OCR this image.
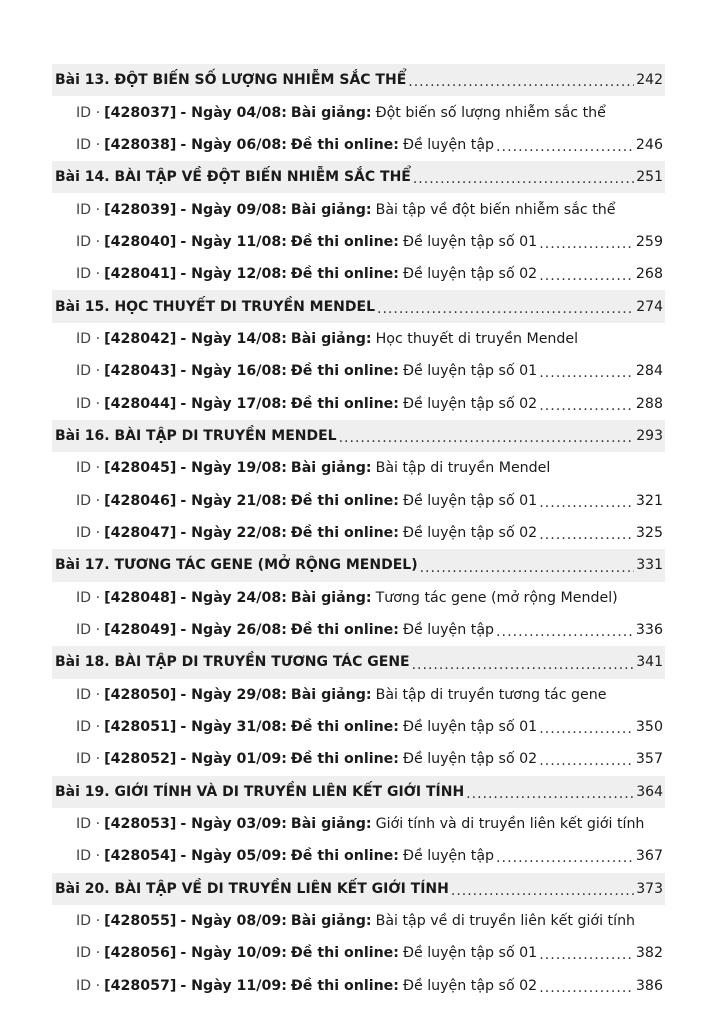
Bài 13. ĐỘT BIẾN SỐ LƯỢNG NHIỄM SẮC THỂ .....	242
ID · [428037] - Ngày 04/08: Bài giảng: Đột biến số lượng nhiễm sắc thể
ID · [428038] - Ngày 06/08: Đề thi online: Đề luyện tập .....	246
Bài 14. BÀI TẬP VỀ ĐỘT BIẾN NHIỄM SẮC THỂ .....	251
ID · [428039] - Ngày 09/08: Bài giảng: Bài tập về đột biến nhiễm sắc thể
ID · [428040] - Ngày 11/08: Đề thi online: Đề luyện tập số 01 .....	259
ID · [428041] - Ngày 12/08: Đề thi online: Đề luyện tập số 02 .....	268
Bài 15. HỌC THUYẾT DI TRUYỀN MENDEL .....	274
ID · [428042] - Ngày 14/08: Bài giảng: Học thuyết di truyền Mendel
ID · [428043] - Ngày 16/08: Đề thi online: Đề luyện tập số 01 .....	284
ID · [428044] - Ngày 17/08: Đề thi online: Đề luyện tập số 02 .....	288
Bài 16. BÀI TẬP DI TRUYỀN MENDEL .....	293
ID · [428045] - Ngày 19/08: Bài giảng: Bài tập di truyền Mendel
ID · [428046] - Ngày 21/08: Đề thi online: Đề luyện tập số 01 .....	321
ID · [428047] - Ngày 22/08: Đề thi online: Đề luyện tập số 02 .....	325
Bài 17. TƯƠNG TÁC GENE (MỞ RỘNG MENDEL) .....	331
ID · [428048] - Ngày 24/08: Bài giảng: Tương tác gene (mở rộng Mendel)
ID · [428049] - Ngày 26/08: Đề thi online: Đề luyện tập .....	336
Bài 18. BÀI TẬP DI TRUYỀN TƯƠNG TÁC GENE .....	341
ID · [428050] - Ngày 29/08: Bài giảng: Bài tập di truyền tương tác gene
ID · [428051] - Ngày 31/08: Đề thi online: Đề luyện tập số 01 .....	350
ID · [428052] - Ngày 01/09: Đề thi online: Đề luyện tập số 02 .....	357
Bài 19. GIỚI TÍNH VÀ DI TRUYỀN LIÊN KẾT GIỚI TÍNH .....	364
ID · [428053] - Ngày 03/09: Bài giảng: Giới tính và di truyền liên kết giới tính
ID · [428054] - Ngày 05/09: Đề thi online: Đề luyện tập .....	367
Bài 20. BÀI TẬP VỀ DI TRUYỀN LIÊN KẾT GIỚI TÍNH .....	373
ID · [428055] - Ngày 08/09: Bài giảng: Bài tập về di truyền liên kết giới tính
ID · [428056] - Ngày 10/09: Đề thi online: Đề luyện tập số 01 .....	382
ID · [428057] - Ngày 11/09: Đề thi online: Đề luyện tập số 02 .....	386
